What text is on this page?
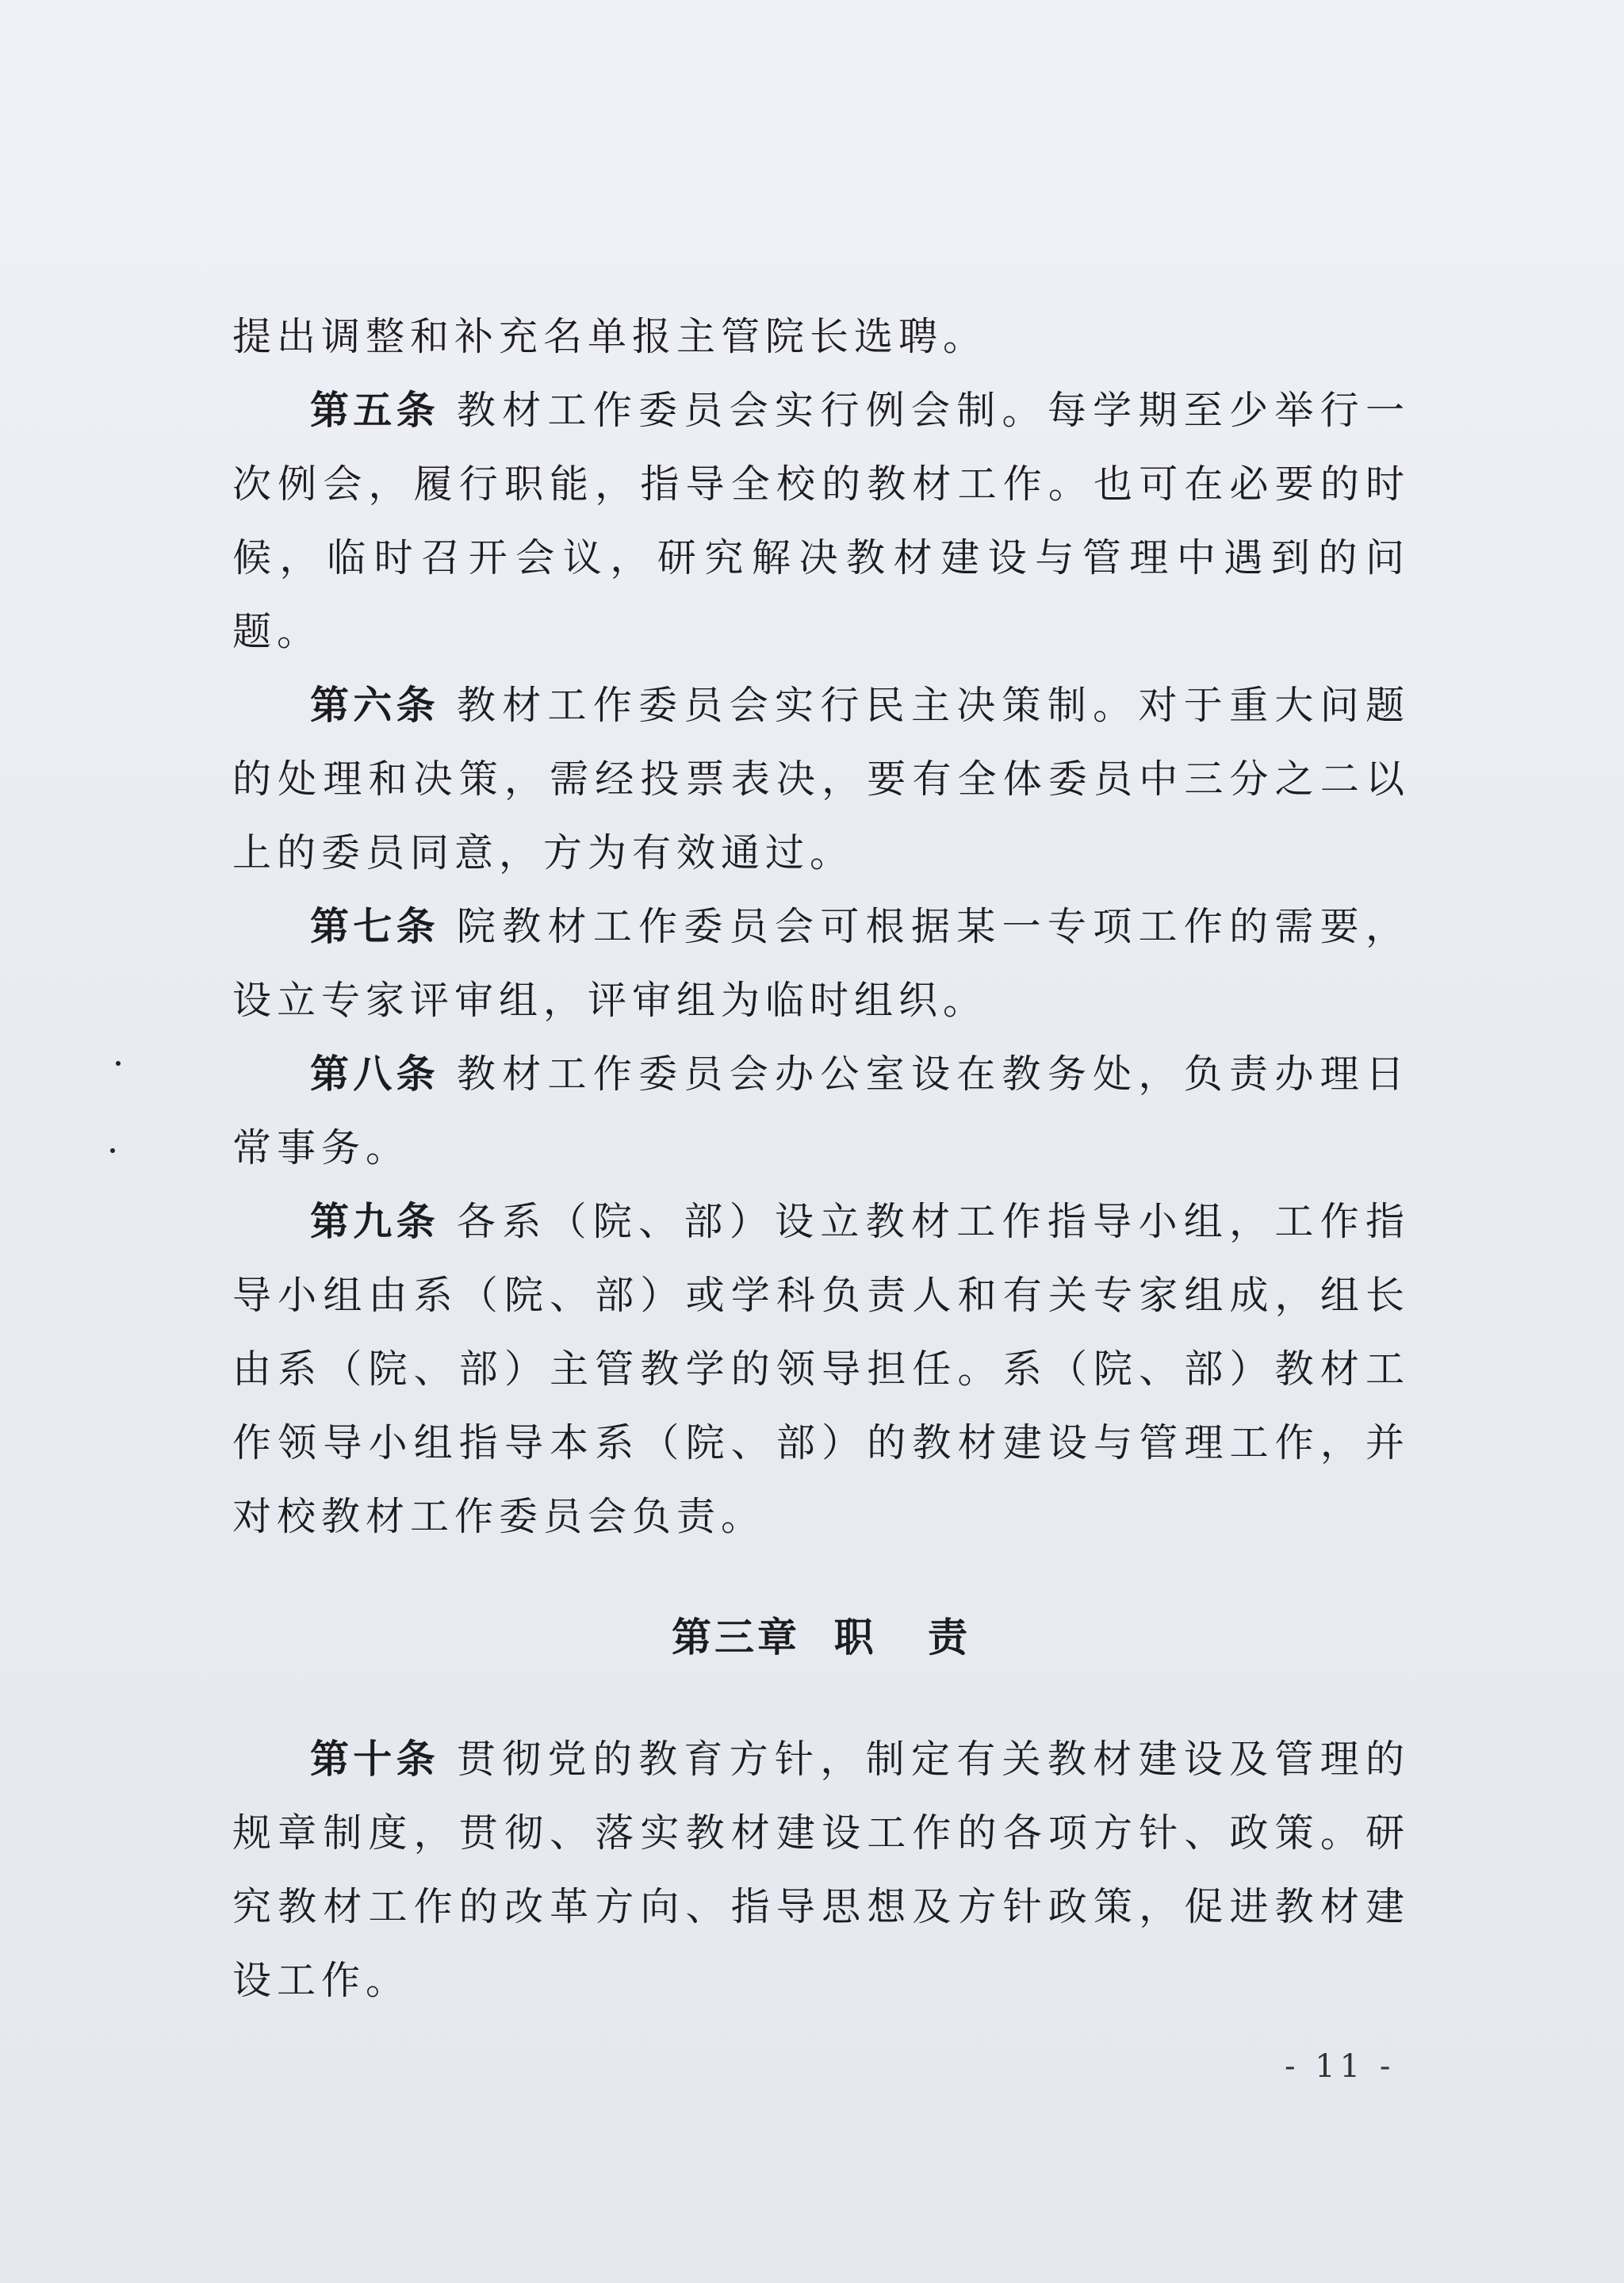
提出调整和补充名单报主管院长选聘。

第五条 教材工作委员会实行例会制。每学期至少举行一次例会，履行职能，指导全校的教材工作。也可在必要的时候，临时召开会议，研究解决教材建设与管理中遇到的问题。

第六条 教材工作委员会实行民主决策制。对于重大问题的处理和决策，需经投票表决，要有全体委员中三分之二以上的委员同意，方为有效通过。

第七条 院教材工作委员会可根据某一专项工作的需要，设立专家评审组，评审组为临时组织。

第八条 教材工作委员会办公室设在教务处，负责办理日常事务。

第九条 各系（院、部）设立教材工作指导小组，工作指导小组由系（院、部）或学科负责人和有关专家组成，组长由系（院、部）主管教学的领导担任。系（院、部）教材工作领导小组指导本系（院、部）的教材建设与管理工作，并对校教材工作委员会负责。

第三章  职   责

第十条 贯彻党的教育方针，制定有关教材建设及管理的规章制度，贯彻、落实教材建设工作的各项方针、政策。研究教材工作的改革方向、指导思想及方针政策，促进教材建设工作。

- 11 -
